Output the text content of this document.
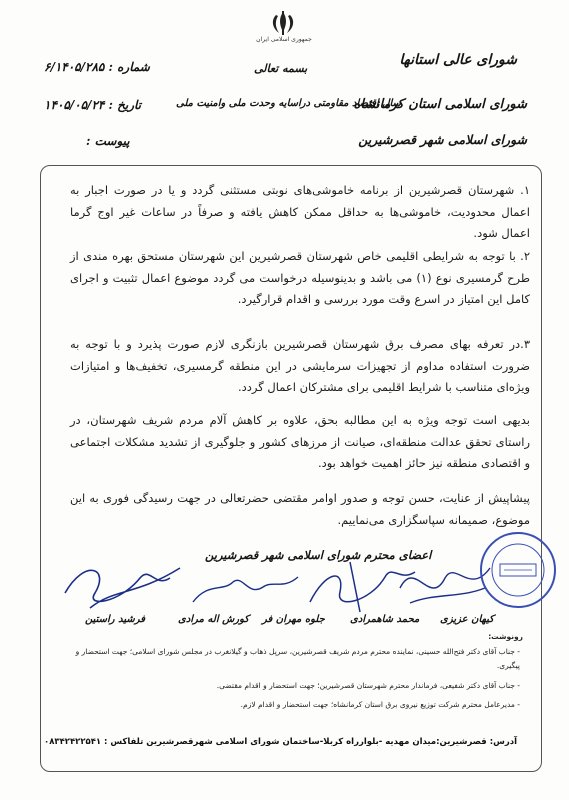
جمهوری اسلامی ایران
شورای عالی استانها
شورای اسلامی استان کرمانشاه
شورای اسلامی شهر قصرشیرین
بسمه تعالی
سال اقتصاد مقاومتی دراسایه وحدت ملی وامنیت ملی
شماره : ۶/۱۴۰۵/۲۸۵
تاریخ : ۱۴۰۵/۰۵/۲۴
پیوست :
۱. شهرستان قصرشیرین از برنامه خاموشی‌های نوبتی مستثنی گردد و یا در صورت اجبار به اعمال محدودیت، خاموشی‌ها به حداقل ممکن کاهش یافته و صرفاً در ساعات غیر اوج گرما اعمال شود.
۲. با توجه به شرایطی اقلیمی خاص شهرستان قصرشیرین این شهرستان مستحق بهره مندی از طرح گرمسیری نوع (۱) می باشد و بدینوسیله درخواست می گردد موضوع اعمال تثبیت و اجرای کامل این امتیاز در اسرع وقت مورد بررسی و اقدام قرارگیرد.
۳.در تعرفه بهای مصرف برق شهرستان قصرشیرین بازنگری لازم صورت پذیرد و با توجه به ضرورت استفاده مداوم از تجهیزات سرمایشی در این منطقه گرمسیری، تخفیف‌ها و امتیازات ویژه‌ای متناسب با شرایط اقلیمی برای مشترکان اعمال گردد.
بدیهی است توجه ویژه به این مطالبه بحق، علاوه بر کاهش آلام مردم شریف شهرستان، در راستای تحقق عدالت منطقه‌ای، صیانت از مرزهای کشور و جلوگیری از تشدید مشکلات اجتماعی و اقتصادی منطقه نیز حائز اهمیت خواهد بود.
پیشاپیش از عنایت، حسن توجه و صدور اوامر مقتضی حضرتعالی در جهت رسیدگی فوری به این موضوع، صمیمانه سپاسگزاری می‌نماییم.
اعضای محترم شورای اسلامی شهر قصرشیرین
کیهان عزیزی
محمد شاهمرادی
جلوه مهران فر
کورش اله مرادی
فرشید راستین
رونوشت:
- جناب آقای دکتر فتح‌الله حسینی، نماینده محترم مردم شریف قصرشیرین، سرپل ذهاب و گیلانغرب در مجلس شورای اسلامی؛ جهت استحضار و پیگیری.
- جناب آقای دکتر شفیعی، فرماندار محترم شهرستان قصرشیرین؛ جهت استحضار و اقدام مقتضی.
- مدیرعامل محترم شرکت توزیع نیروی برق استان کرمانشاه؛ جهت استحضار و اقدام لازم.
آدرس: قصرشیرین:میدان مهدیه -بلوارراه کربلا-ساختمان شورای اسلامی شهرقصرشیرین تلفاکس : ۰۸۳۴۲۴۲۲۵۴۱
